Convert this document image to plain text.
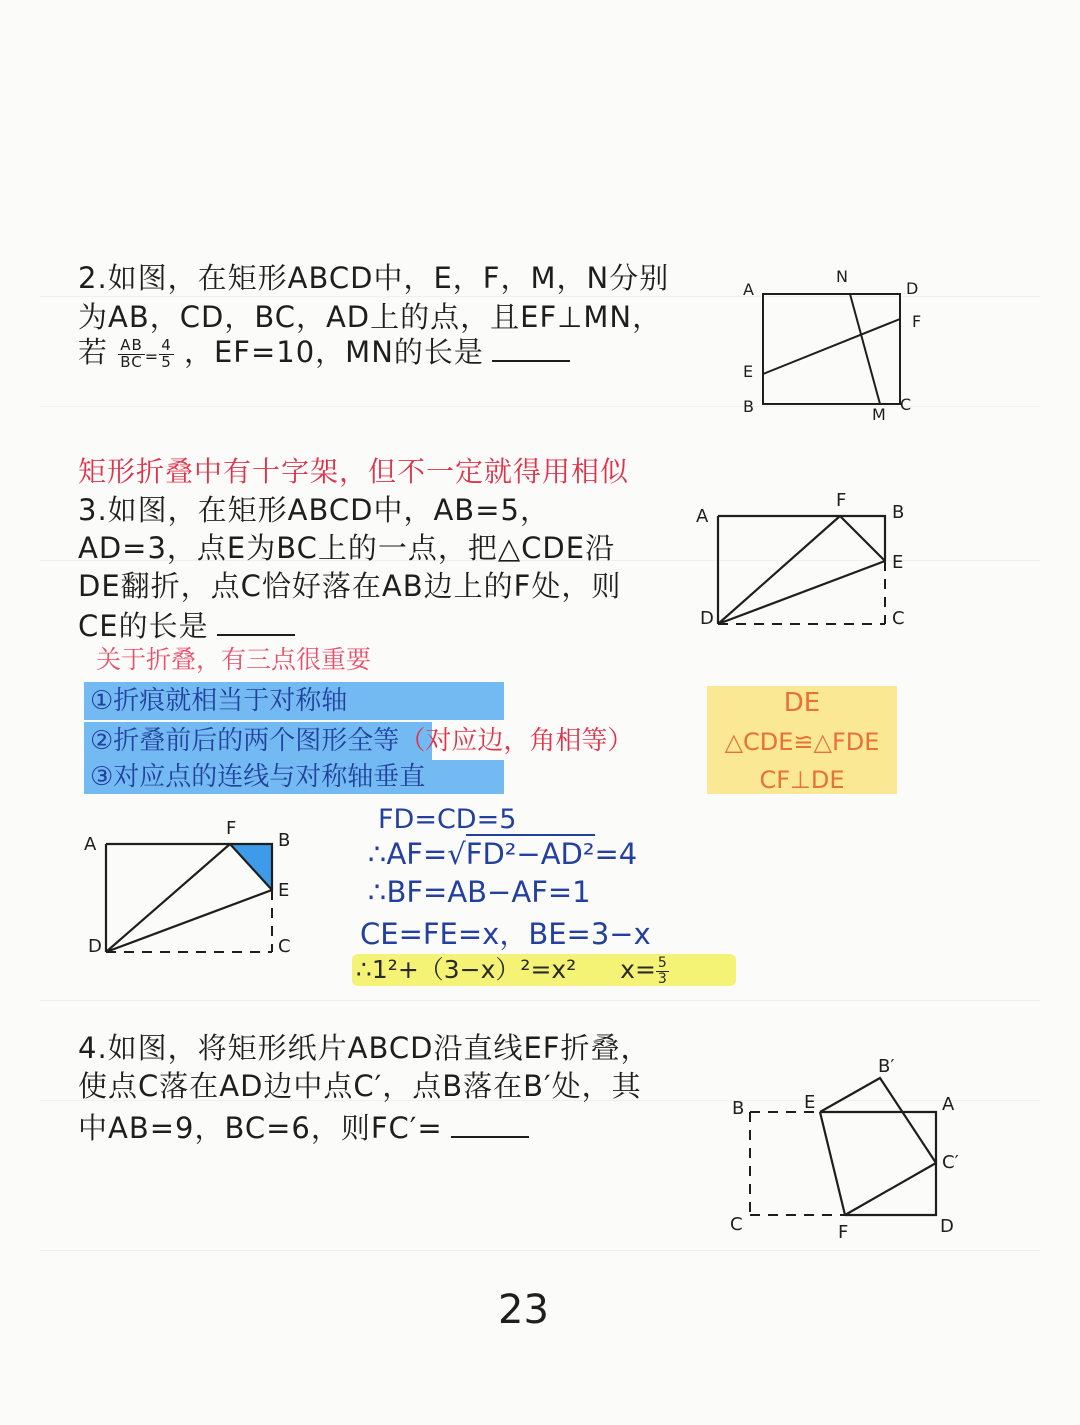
2.如图，在矩形ABCD中，E，F，M，N分别
为AB，CD，BC，AD上的点，且EF⊥MN，
若 $\frac{AB}{BC} = \frac{4}{5}$ ，EF=10，MN的长是
A
N
D
F
E
B	M
C
矩形折叠中有十字架，但不一定就得用相似
3.如图，在矩形ABCD中，AB=5，
AD=3，点E为BC上的一点，把△CDE沿
DE翻折，点C恰好落在AB边上的F处，则
CE的长是
A
F
B
E
D	C
关于折叠，有三点很重要
①折痕就相当于对称轴
②折叠前后的两个图形全等（对应边，角相等）
③对应点的连线与对称轴垂直
DE
△CDE≌△FDE
CF⊥DE
A
F
B
E
D	C
FD=CD=5
∴AF=√FD²−AD²=4
∴BF=AB−AF=1
CE=FE=x，BE=3−x
∴1²+（3−x）²=x² $x= \frac{5}{3}$
4.如图，将矩形纸片ABCD沿直线EF折叠，
使点C落在AD边中点C′，点B落在B′处，其
中AB=9，BC=6，则FC′=
B′
B	E	A
C′
C	F	D
23
